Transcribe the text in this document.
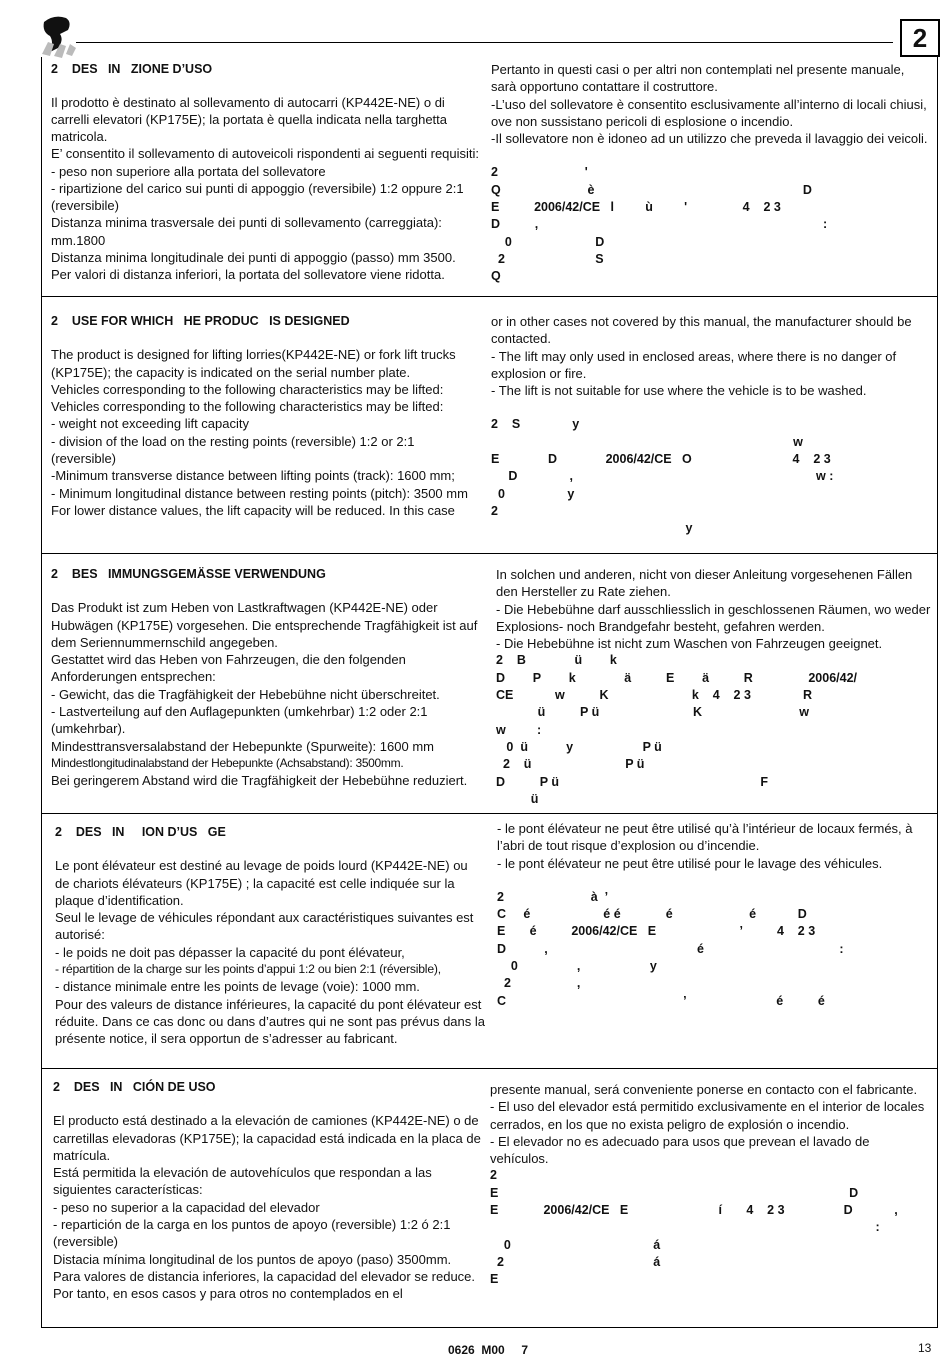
2
2    DES   IN   ZIONE D’USO

Il prodotto è destinato al sollevamento di autocarri (KP442E-NE) o di carrelli elevatori (KP175E); la portata è quella indicata nella targhetta matricola.

E’ consentito il sollevamento di autoveicoli rispondenti ai seguenti requisiti:

- peso non superiore alla portata del sollevatore

- ripartizione del carico sui punti di appoggio (reversibile) 1:2 oppure 2:1 (reversibile)

Distanza minima trasversale dei punti di sollevamento (carreggiata): mm.1800

Distanza minima longitudinale dei punti di appoggio (passo) mm 3500.

Per valori di distanza inferiori, la portata del sollevatore viene ridotta.

Pertanto in questi casi o per altri non contemplati nel presente manuale, sarà opportuno contattare il costruttore.

-L’uso del sollevatore è consentito esclusivamente all’interno di locali chiusi, ove non sussistano pericoli di esplosione o incendio.

-Il sollevatore non è idoneo ad un utilizzo che preveda il lavaggio dei veicoli.

2                         '
Q                         è                                                            D
E          2006/42/CE   l         ù         '                4    2 3
D          ,                                                                                  :
0                        D
2                          S
Q
2    USE FOR WHICH   HE PRODUC   IS DESIGNED

The product is designed for lifting lorries(KP442E-NE) or fork lift trucks (KP175E); the capacity is indicated on the serial number plate.

Vehicles corresponding to the following characteristics may be lifted:

Vehicles corresponding to the following characteristics may be lifted:

- weight not exceeding lift capacity

- division of the load on the resting points (reversible) 1:2 or 2:1 (reversible)

-Minimum transverse distance between lifting points (track): 1600 mm;

- Minimum longitudinal distance between resting points (pitch): 3500 mm

For lower distance values, the lift capacity will be reduced. In this case

or in other cases not covered by this manual, the manufacturer should be contacted.

- The lift may only used in enclosed areas, where there is no danger of explosion or fire.

- The lift is not suitable for use where the vehicle is to be washed.

2    S               y
w
E              D              2006/42/CE   O                             4    2 3
D               ,                                                                      w :
0                  y
2
y
2    BES   IMMUNGSGEMÄSSE VERWENDUNG

Das Produkt ist zum Heben von Lastkraftwagen (KP442E-NE) oder Hubwägen (KP175E) vorgesehen. Die entsprechende Tragfähigkeit ist auf dem Seriennummernschild angegeben.

Gestattet wird das Heben von Fahrzeugen, die den folgenden Anforderungen entsprechen:

- Gewicht, das die Tragfähigkeit der Hebebühne nicht überschreitet.

- Lastverteilung auf den Auflagepunkten (umkehrbar) 1:2 oder 2:1 (umkehrbar).

Mindesttransversalabstand der Hebepunkte (Spurweite): 1600 mm

Mindestlongitudinalabstand der Hebepunkte (Achsabstand): 3500mm.

Bei geringerem Abstand wird die Tragfähigkeit der Hebebühne reduziert.

In solchen und anderen, nicht von dieser Anleitung vorgesehenen Fällen den Hersteller zu Rate ziehen.

- Die Hebebühne darf ausschliesslich in geschlossenen Räumen, wo weder Explosions- noch Brandgefahr besteht, gefahren werden.

- Die Hebebühne ist nicht zum Waschen von Fahrzeugen geeignet.

2    B              ü        k
D        P        k              ä          E        ä          R                2006/42/
CE            w          K                        k    4    2 3               R
ü          P ü                           K                            w
w         :
0  ü           y                    P ü
2    ü                           P ü
D          P ü                                                          F
ü
2    DES   IN     ION D’US   GE

Le pont élévateur est destiné au levage de poids lourd (KP442E-NE) ou de chariots élévateurs (KP175E) ; la capacité est celle indiquée sur la plaque d’identification.

Seul le levage de véhicules répondant aux caractéristiques suivantes est autorisé:

- le poids ne doit pas dépasser la capacité du pont élévateur,

- répartition de la charge sur les points d’appui 1:2 ou bien 2:1 (réversible),

- distance minimale entre les points de levage (voie): 1000 mm.

Pour des valeurs de distance inférieures, la capacité du pont élévateur est réduite. Dans ce cas donc ou dans d’autres qui ne sont pas prévus dans la présente notice, il sera opportun de s’adresser au fabricant.

- le pont élévateur ne peut être utilisé qu’à l’intérieur de locaux fermés, à l’abri de tout risque d’explosion ou d’incendie.

- le pont élévateur ne peut être utilisé pour le lavage des véhicules.

2                         à  ’
C     é                     é é             é                      é            D
E       é          2006/42/CE   E                        ’          4    2 3
D           ,                                           é                                       :
0                 ,                    y
2                   ,
C                                                   ’                          é          é
2    DES   IN   CIÓN DE USO

El producto está destinado a la elevación de camiones (KP442E-NE) o de carretillas elevadoras (KP175E); la capacidad está indicada en la placa de matrícula.

Está permitida la elevación de autovehículos que respondan a las siguientes características:

- peso no superior a la capacidad del elevador

- repartición de la carga en los puntos de apoyo (reversible) 1:2 ó 2:1 (reversible)

Distacia mínima longitudinal de los puntos de apoyo (paso) 3500mm.

Para valores de distancia inferiores, la capacidad del elevador se reduce. Por tanto, en esos casos y para otros no contemplados en el

presente manual, será conveniente ponerse en contacto con el fabricante.

- El uso del elevador está permitido exclusivamente en el interior de locales cerrados, en los que no exista peligro de explosión o incendio.

- El elevador no es adecuado para usos que prevean el lavado de vehículos.

2
E                                                                                                     D
E             2006/42/CE   E                          í       4    2 3                 D            ,
:
0                                         á
2                                           á
E
0626  M00     7	13
